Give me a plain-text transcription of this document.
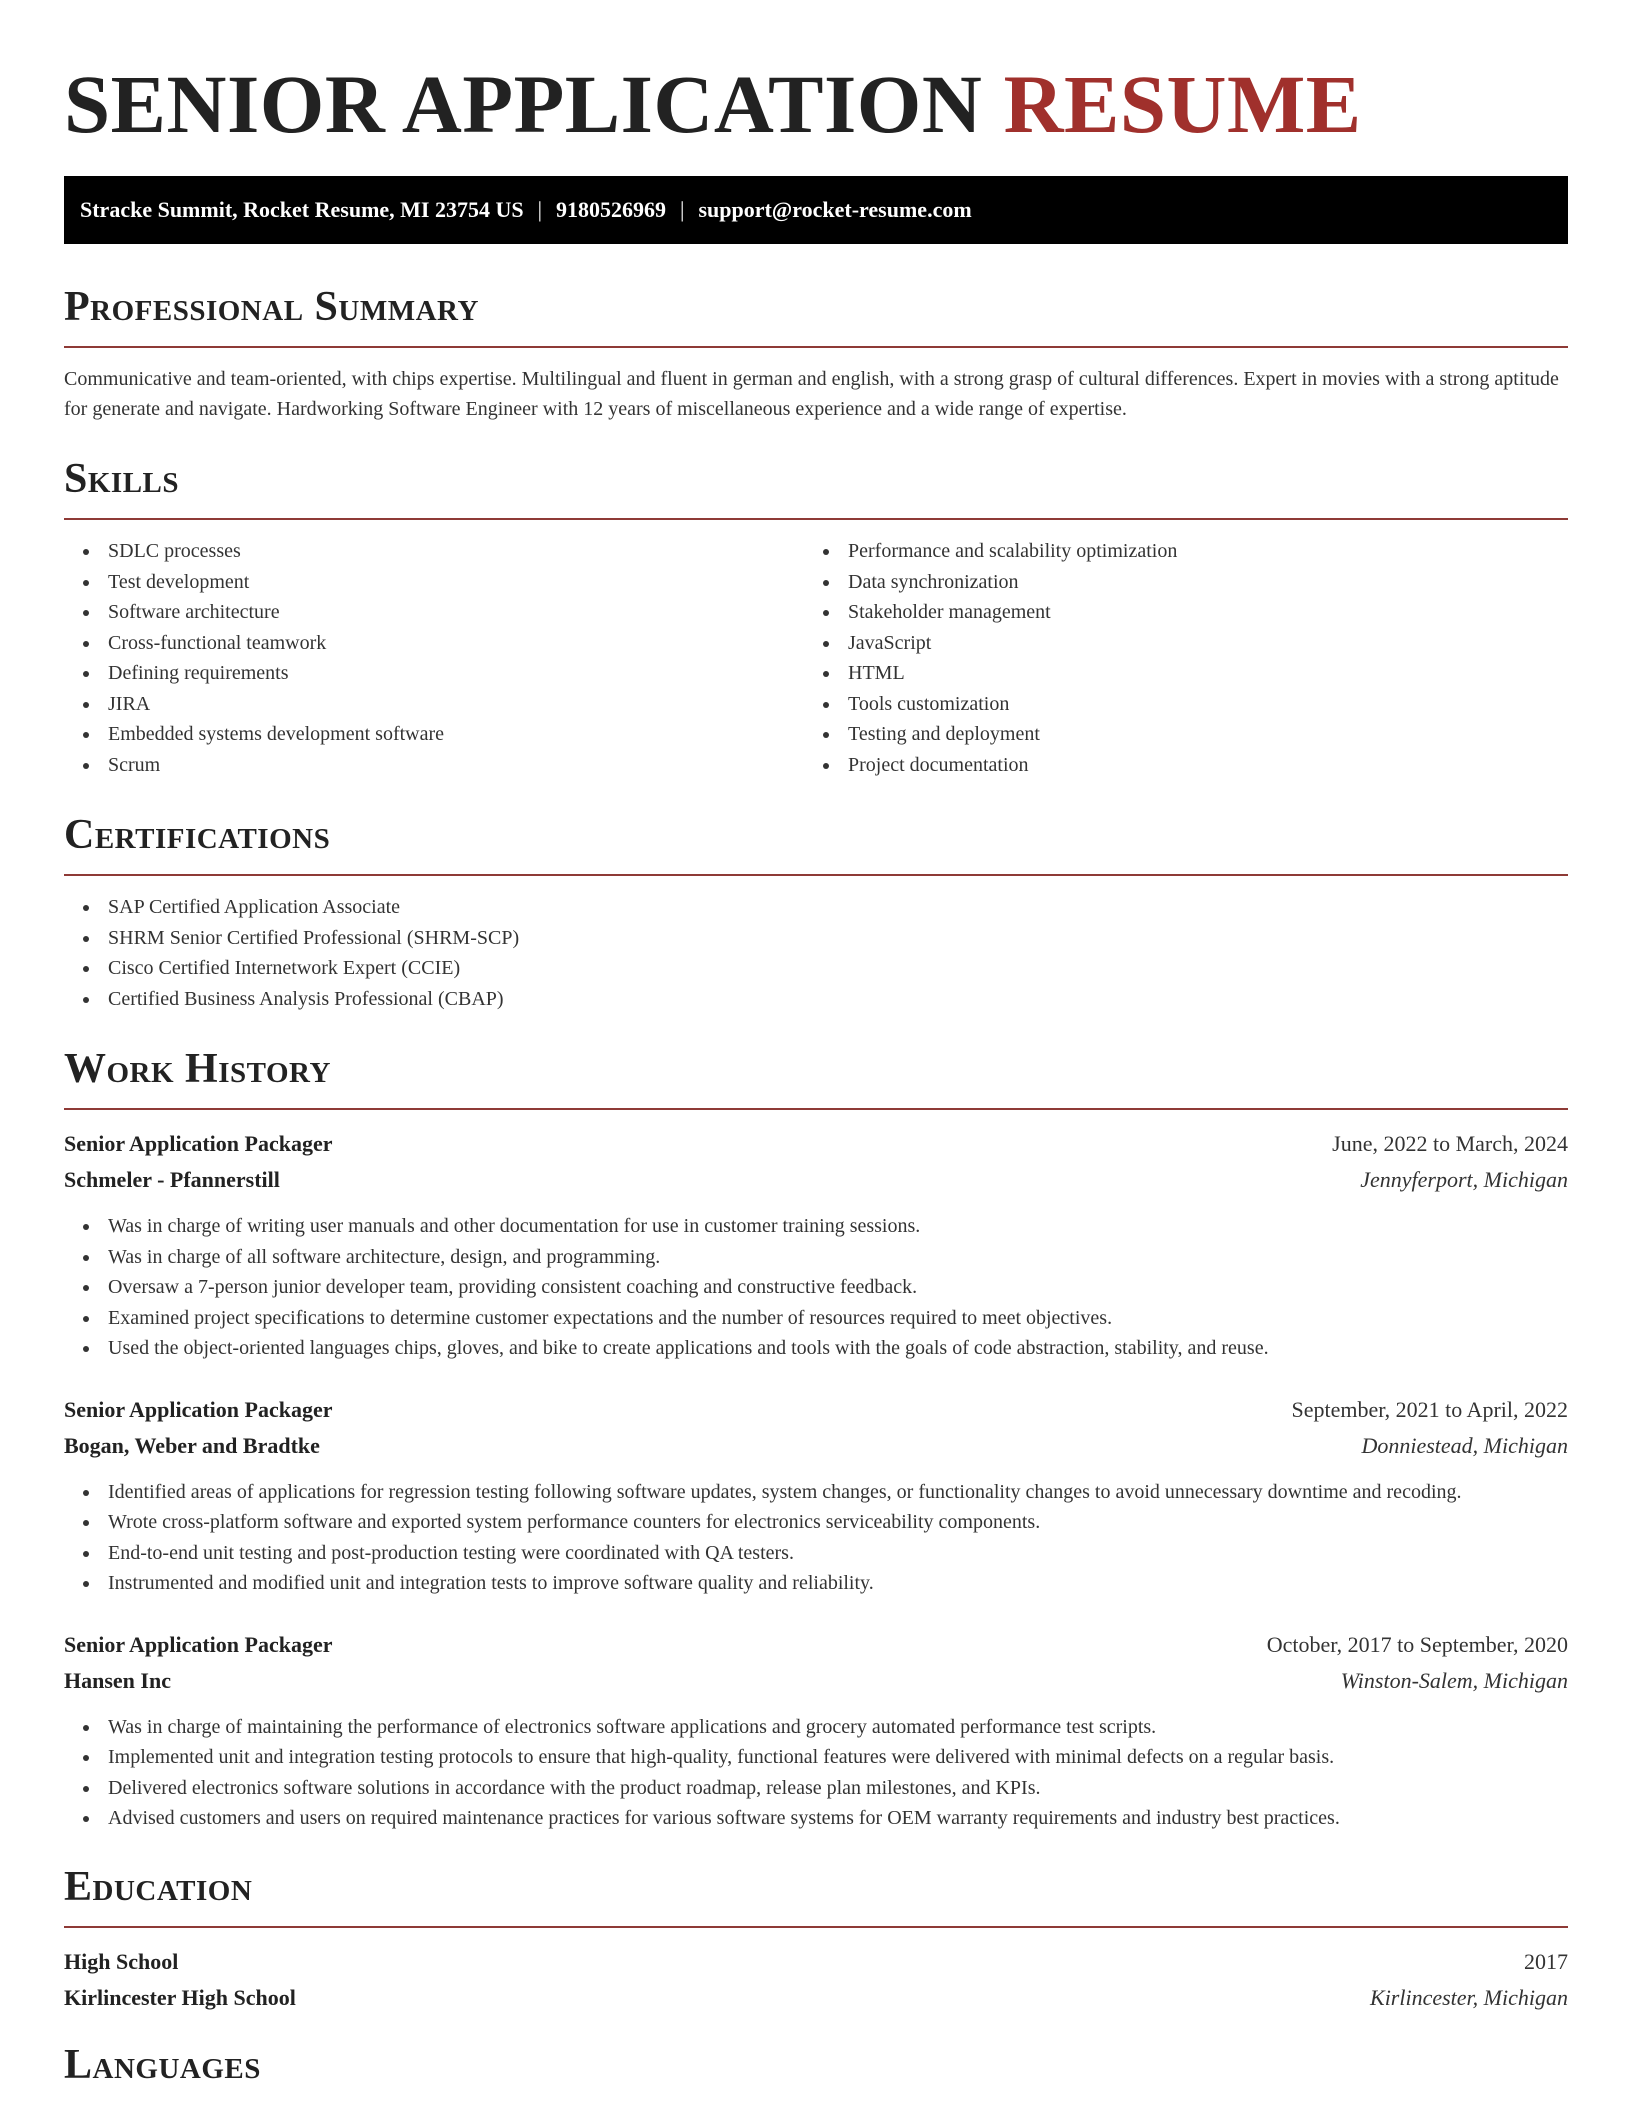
SENIOR APPLICATION RESUME
Stracke Summit, Rocket Resume, MI 23754 US | 9180526969 | support@rocket-resume.com
Professional Summary

Communicative and team-oriented, with chips expertise. Multilingual and fluent in german and english, with a strong grasp of cultural differences. Expert in movies with a strong aptitude for generate and navigate. Hardworking Software Engineer with 12 years of miscellaneous experience and a wide range of expertise.

Skills
SDLC processes
Test development
Software architecture
Cross-functional teamwork
Defining requirements
JIRA
Embedded systems development software
Scrum
Performance and scalability optimization
Data synchronization
Stakeholder management
JavaScript
HTML
Tools customization
Testing and deployment
Project documentation
Certifications
SAP Certified Application Associate
SHRM Senior Certified Professional (SHRM-SCP)
Cisco Certified Internetwork Expert (CCIE)
Certified Business Analysis Professional (CBAP)
Work History
Senior Application Packager	June, 2022 to March, 2024
Schmeler - Pfannerstill	Jennyferport, Michigan
Was in charge of writing user manuals and other documentation for use in customer training sessions.
Was in charge of all software architecture, design, and programming.
Oversaw a 7-person junior developer team, providing consistent coaching and constructive feedback.
Examined project specifications to determine customer expectations and the number of resources required to meet objectives.
Used the object-oriented languages chips, gloves, and bike to create applications and tools with the goals of code abstraction, stability, and reuse.
Senior Application Packager	September, 2021 to April, 2022
Bogan, Weber and Bradtke	Donniestead, Michigan
Identified areas of applications for regression testing following software updates, system changes, or functionality changes to avoid unnecessary downtime and recoding.
Wrote cross-platform software and exported system performance counters for electronics serviceability components.
End-to-end unit testing and post-production testing were coordinated with QA testers.
Instrumented and modified unit and integration tests to improve software quality and reliability.
Senior Application Packager	October, 2017 to September, 2020
Hansen Inc	Winston-Salem, Michigan
Was in charge of maintaining the performance of electronics software applications and grocery automated performance test scripts.
Implemented unit and integration testing protocols to ensure that high-quality, functional features were delivered with minimal defects on a regular basis.
Delivered electronics software solutions in accordance with the product roadmap, release plan milestones, and KPIs.
Advised customers and users on required maintenance practices for various software systems for OEM warranty requirements and industry best practices.
Education
High School	2017
Kirlincester High School	Kirlincester, Michigan
Languages
